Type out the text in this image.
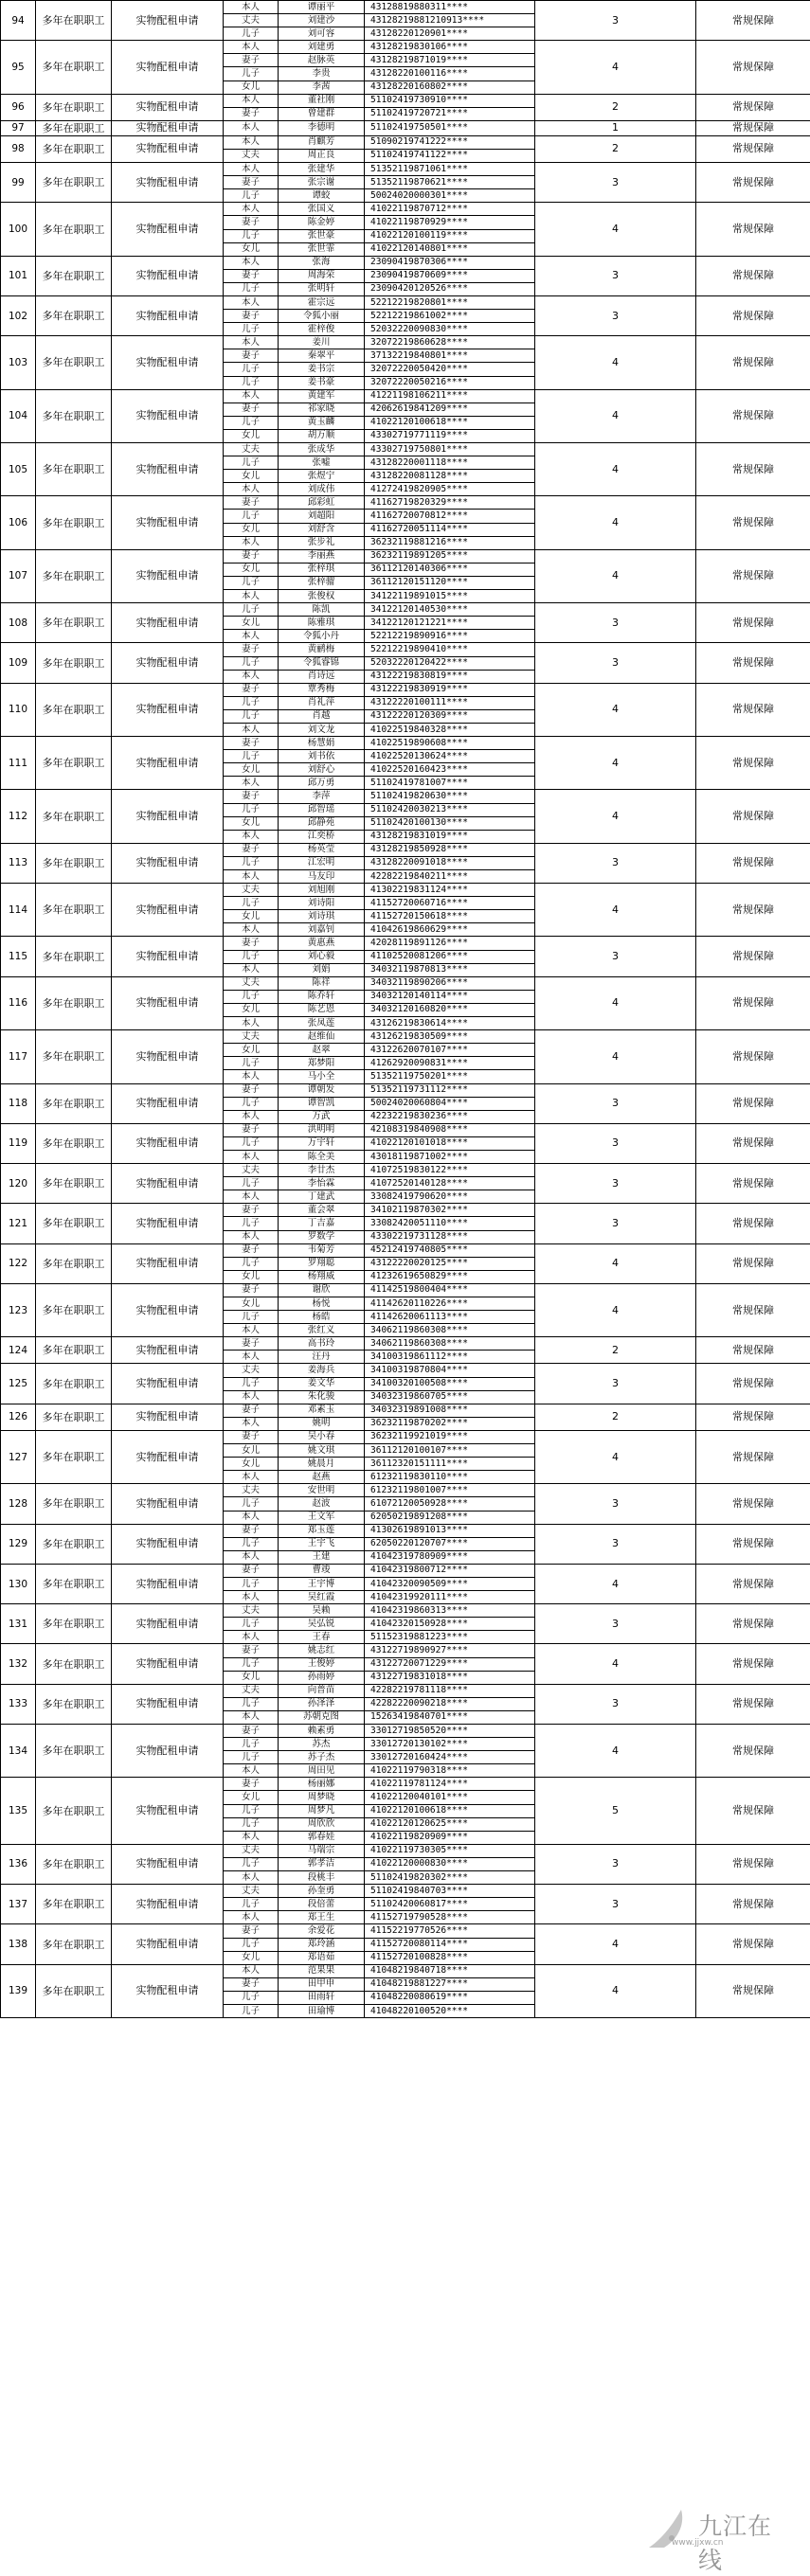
94	多年在职职工	实物配租申请	本人	谭丽平	43128819880311****	3	常规保障
			丈夫	刘建沙	43128219881210913****		
			儿子	刘可容	43128220120901****		
95	多年在职职工	实物配租申请	本人	刘建勇	43128219830106****	4	常规保障
			妻子	赵脉英	43128219871019****		
			儿子	李贵	43128220100116****		
			女儿	李茜	43128220160802****		
96	多年在职职工	实物配租申请	本人	董社刚	51102419730910****	2	常规保障
			妻子	曾建群	51102419720721****		
97	多年在职职工	实物配租申请	本人	李德明	51102419750501****	1	常规保障
98	多年在职职工	实物配租申请	本人	肖麒芳	51090219741222****	2	常规保障
			丈夫	周正良	51102419741122****		
99	多年在职职工	实物配租申请	本人	张建华	51352119871061****	3	常规保障
			妻子	张宗谢	51352119870621****		
			儿子	谭蛟	50024020000301****		
100	多年在职职工	实物配租申请	本人	张国义	41022119870712****	4	常规保障
			妻子	陈金婷	41022119870929****		
			儿子	张世豪	41022120100119****		
			女儿	张世霏	41022120140801****		
101	多年在职职工	实物配租申请	本人	张海	23090419870306****	3	常规保障
			妻子	周海荣	23090419870609****		
			儿子	张明轩	23090420120526****		
102	多年在职职工	实物配租申请	本人	霍宗远	52212219820801****	3	常规保障
			妻子	令狐小丽	52212219861002****		
			儿子	霍梓俊	52032220090830****		
103	多年在职职工	实物配租申请	本人	姜川	32072219860628****	4	常规保障
			妻子	秦翠平	37132219840801****		
			儿子	姜书宗	32072220050420****		
			儿子	姜书豪	32072220050216****		
104	多年在职职工	实物配租申请	本人	黄建军	41221198106211****	4	常规保障
			妻子	祁家晓	42062619841209****		
			儿子	黄玉麟	41022120100618****		
			女儿	胡万顺	43302719771119****		
105	多年在职职工	实物配租申请	丈夫	张成华	43302719750801****	4	常规保障
			儿子	张嘘	43128220001118****		
			女儿	张煜宁	43128220081128****		
			本人	刘成伟	41272419820905****		
106	多年在职职工	实物配租申请	妻子	邱彩虹	41162719820329****	4	常规保障
			儿子	刘超阳	41162720070812****		
			女儿	刘舒含	41162720051114****		
			本人	张步礼	36232119881216****		
107	多年在职职工	实物配租申请	妻子	李丽燕	36232119891205****	4	常规保障
			女儿	张梓琪	36112120140306****		
			儿子	张梓骝	36112120151120****		
			本人	张俊权	34122119891015****		
108	多年在职职工	实物配租申请	儿子	陈凯	34122120140530****	3	常规保障
			女儿	陈雅琪	34122120121221****		
			本人	令狐小丹	52212219890916****		
109	多年在职职工	实物配租申请	妻子	黄鹂梅	52212219890410****	3	常规保障
			儿子	令狐睿锦	52032220120422****		
			本人	肖诗远	43122219830819****		
110	多年在职职工	实物配租申请	妻子	覃秀梅	43122219830919****	4	常规保障
			儿子	肖礼萍	43122220100111****		
			儿子	肖越	43122220120309****		
			本人	刘文龙	41022519840328****		
111	多年在职职工	实物配租申请	妻子	杨慧娟	41022519890608****	4	常规保障
			儿子	刘书依	41022520130624****		
			女儿	刘舒心	41022520160423****		
			本人	邱万勇	51102419781007****		
112	多年在职职工	实物配租申请	妻子	李萍	51102419820630****	4	常规保障
			儿子	邱智瑶	51102420030213****		
			女儿	邱静苑	51102420100130****		
			本人	江奕桥	43128219831019****		
113	多年在职职工	实物配租申请	妻子	杨英莹	43128219850928****	3	常规保障
			儿子	江宏明	43128220091018****		
			本人	马友印	42282219840211****		
114	多年在职职工	实物配租申请	丈夫	刘旭刚	41302219831124****	4	常规保障
			儿子	刘诗阳	41152720060716****		
			女儿	刘诗琪	41152720150618****		
			本人	刘嘉钊	41042619860629****		
115	多年在职职工	实物配租申请	妻子	黄惠燕	42028119891126****	3	常规保障
			儿子	刘心毅	41102520081206****		
			本人	刘娟	34032119870813****		
116	多年在职职工	实物配租申请	丈夫	陈祥	34032119890206****	4	常规保障
			儿子	陈乔轩	34032120140114****		
			女儿	陈艺恩	34032120160820****		
			本人	张凤莲	43126219830614****		
117	多年在职职工	实物配租申请	丈夫	赵维仙	43126219830509****	4	常规保障
			女儿	赵翠	43122620070107****		
			儿子	郑梦阳	41262920090831****		
			本人	马小全	51352119750201****		
118	多年在职职工	实物配租申请	妻子	谭朝发	51352119731112****	3	常规保障
			儿子	谭智凯	50024020060804****		
			本人	万武	42232219830236****		
119	多年在职职工	实物配租申请	妻子	洪明明	42108319840908****	3	常规保障
			儿子	万宇轩	41022120101018****		
			本人	陈全美	43018119871002****		
120	多年在职职工	实物配租申请	丈夫	李廿杰	41072519830122****	3	常规保障
			儿子	李怡霖	41072520140128****		
			本人	丁建武	33082419790620****		
121	多年在职职工	实物配租申请	妻子	董会翠	34102119870302****	3	常规保障
			儿子	丁吉嘉	33082420051110****		
			本人	罗数学	43302219731128****		
122	多年在职职工	实物配租申请	妻子	韦菊芳	45212419740805****	4	常规保障
			儿子	罗翔聪	43122220020125****		
			女儿	杨翔威	41232619650829****		
123	多年在职职工	实物配租申请	妻子	谢欣	41142519800404****	4	常规保障
			女儿	杨悦	41142620110226****		
			儿子	杨皓	41142620061113****		
			本人	张红义	34062119860308****		
124	多年在职职工	实物配租申请	妻子	高书玲	34062119860308****	2	常规保障
			本人	汪丹	34100319861112****		
125	多年在职职工	实物配租申请	丈夫	姜海兵	34100319870804****	3	常规保障
			儿子	姜文华	34100320100508****		
			本人	朱化骏	34032319860705****		
126	多年在职职工	实物配租申请	妻子	邓素玉	34032319891008****	2	常规保障
			本人	姚明	36232119870202****		
127	多年在职职工	实物配租申请	妻子	吴小春	36232119921019****	4	常规保障
			女儿	姚文琪	36112120100107****		
			女儿	姚晨月	36112320151111****		
			本人	赵燕	61232119830110****		
128	多年在职职工	实物配租申请	丈夫	安世明	61232119801007****	3	常规保障
			儿子	赵波	61072120050928****		
			本人	王文军	62050219891208****		
129	多年在职职工	实物配租申请	妻子	郑玉莲	41302619891013****	3	常规保障
			儿子	王宇飞	62050220120707****		
			本人	王建	41042319780909****		
130	多年在职职工	实物配租申请	妻子	曹竣	41042319800712****	4	常规保障
			儿子	王宇博	41042320090509****		
			本人	吴红霞	41042319920111****		
131	多年在职职工	实物配租申请	丈夫	吴赖	41042319860313****	3	常规保障
			儿子	吴弘锐	41042320150928****		
			本人	王春	51152319881223****		
132	多年在职职工	实物配租申请	妻子	姚志红	43122719890927****	4	常规保障
			儿子	王俊婷	43122720071229****		
			女儿	孙雨婷	43122719831018****		
133	多年在职职工	实物配租申请	丈夫	向普苗	42282219781118****	3	常规保障
			儿子	孙泽泽	42282220090218****		
			本人	苏朝克图	15263419840701****		
134	多年在职职工	实物配租申请	妻子	赖素勇	33012719850520****	4	常规保障
			儿子	苏杰	33012720130102****		
			儿子	苏子杰	33012720160424****		
			本人	周田见	41022119790318****		
135	多年在职职工	实物配租申请	妻子	杨丽娜	41022119781124****	5	常规保障
			女儿	周梦晓	41022120040101****		
			儿子	周梦凡	41022120100618****		
			儿子	周欣欣	41022120120625****		
			本人	郭春娃	41022119820909****		
136	多年在职职工	实物配租申请	丈夫	马端宗	41022119730305****	3	常规保障
			儿子	郭孝洁	41022120000830****		
			本人	段桃丰	51102419820302****		
137	多年在职职工	实物配租申请	丈夫	孙奎勇	51102419840703****	3	常规保障
			儿子	段倍蕾	51102420060817****		
			本人	郑王生	41152719790528****		
138	多年在职职工	实物配租申请	妻子	余爱花	41152219770526****	4	常规保障
			儿子	郑玲涵	41152720080114****		
			女儿	郑语茹	41152720100828****		
139	多年在职职工	实物配租申请	本人	范果果	41048219840718****	4	常规保障
			妻子	田甲申	41048219881227****		
			儿子	田雨轩	41048220080619****		
			儿子	田瑜博	41048220100520****		
九江在线
www.jjxw.cn
